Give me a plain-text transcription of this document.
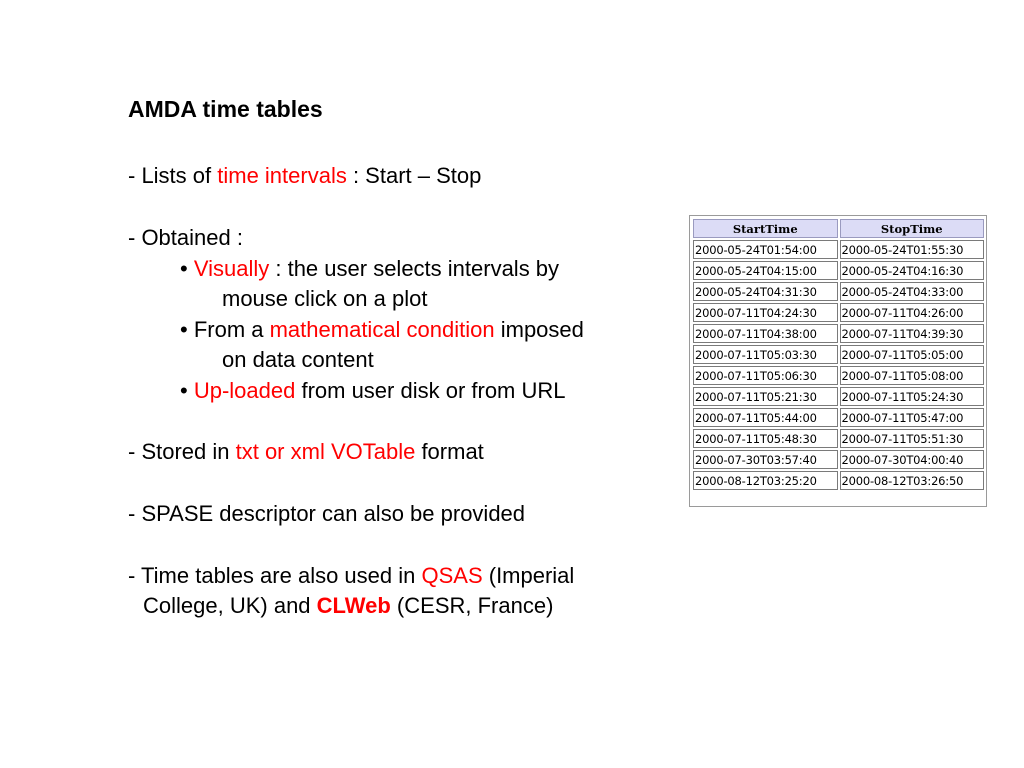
AMDA time tables
- Lists of time intervals : Start – Stop
- Obtained :
• Visually : the user selects intervals by
mouse click on a plot
• From a mathematical condition imposed
on data content
• Up-loaded from user disk or from URL
- Stored in txt or xml VOTable format
- SPASE descriptor can also be provided
- Time tables are also used in QSAS (Imperial
College, UK) and CLWeb (CESR, France)
StartTime	StopTime
2000-05-24T01:54:00	2000-05-24T01:55:30
2000-05-24T04:15:00	2000-05-24T04:16:30
2000-05-24T04:31:30	2000-05-24T04:33:00
2000-07-11T04:24:30	2000-07-11T04:26:00
2000-07-11T04:38:00	2000-07-11T04:39:30
2000-07-11T05:03:30	2000-07-11T05:05:00
2000-07-11T05:06:30	2000-07-11T05:08:00
2000-07-11T05:21:30	2000-07-11T05:24:30
2000-07-11T05:44:00	2000-07-11T05:47:00
2000-07-11T05:48:30	2000-07-11T05:51:30
2000-07-30T03:57:40	2000-07-30T04:00:40
2000-08-12T03:25:20	2000-08-12T03:26:50
